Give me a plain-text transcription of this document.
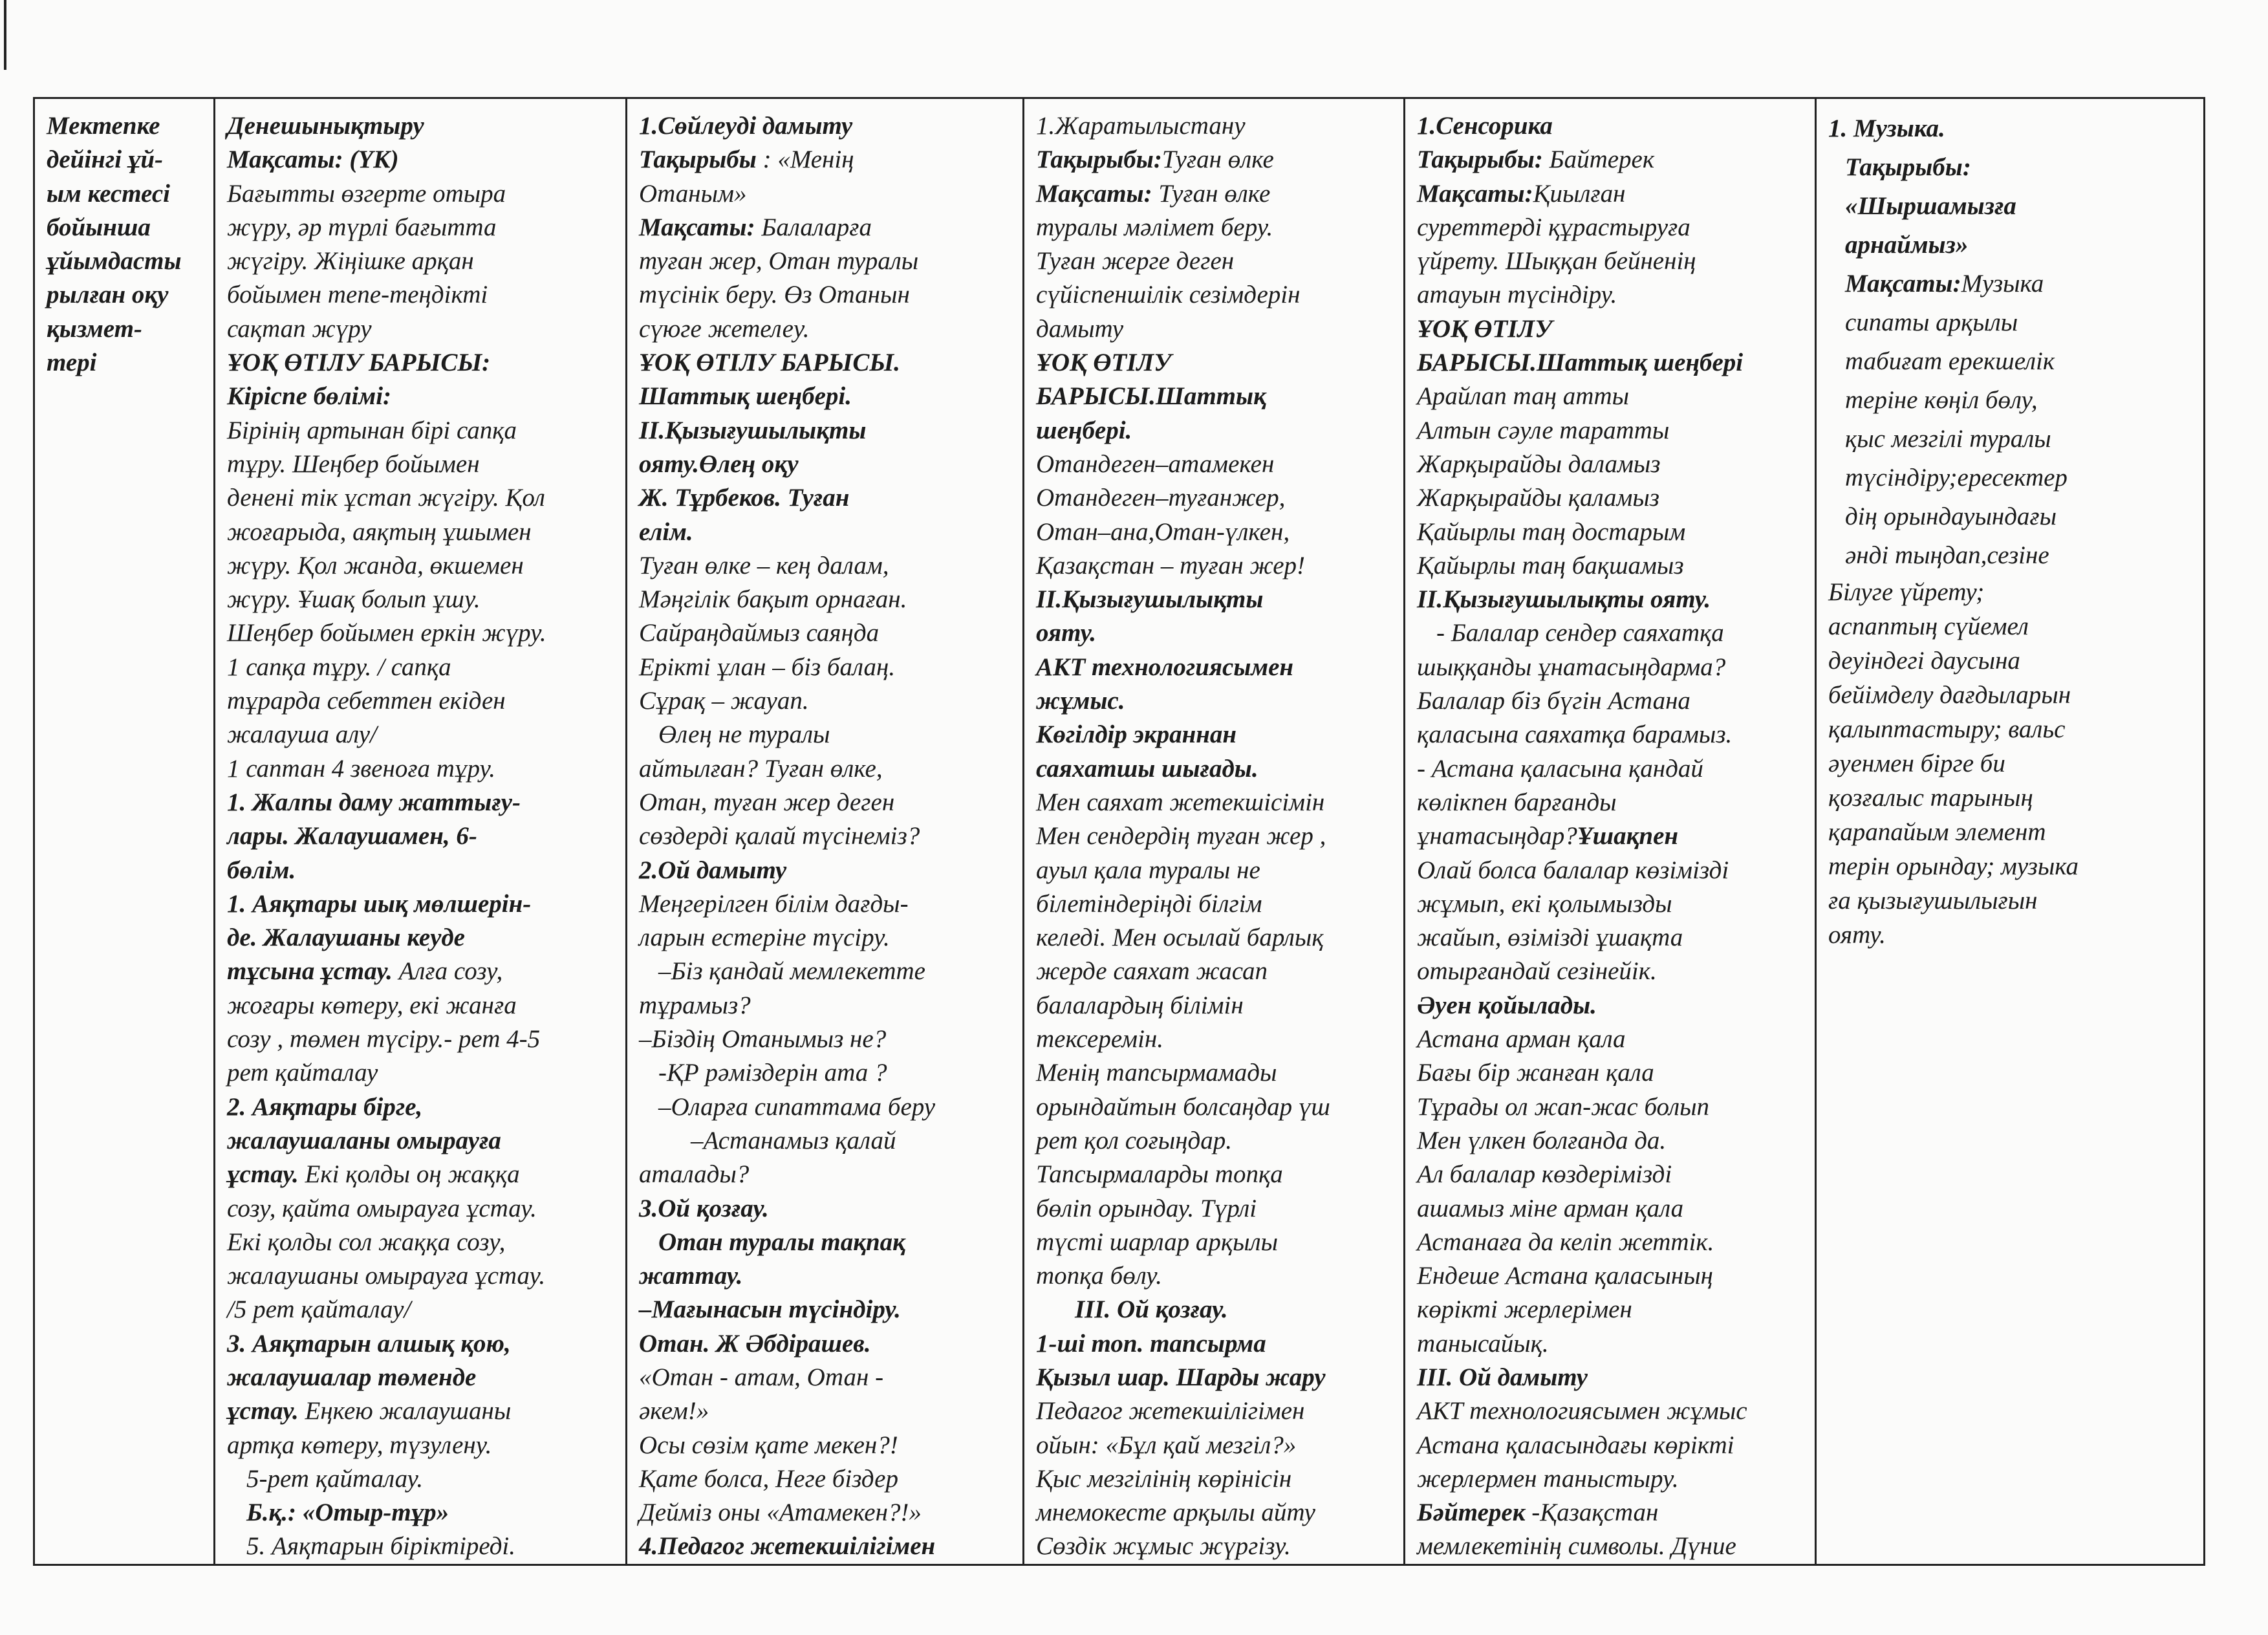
Мектепке
дейінгі ұй-
ым кестесі
бойынша
ұйымдасты
рылған оқу
қызмет-
тері

Денешынықтыру
Мақсаты: (ҮК)
Бағытты өзгерте отыра
жүру, әр түрлі бағытта
жүгіру. Жіңішке арқан
бойымен тепе-теңдікті
сақтап жүру
ҰОҚ ӨТІЛУ БАРЫСЫ:
Кіріспе бөлімі:
Бірінің артынан бірі сапқа
тұру. Шеңбер бойымен
денені тік ұстап жүгіру. Қол
жоғарыда, аяқтың ұшымен
жүру. Қол жанда, өкшемен
жүру. Ұшақ болып ұшу.
Шеңбер бойымен еркін жүру.
1 сапқа тұру. / сапқа
тұрарда себеттен екіден
жалауша алу/
1 саптан 4 звеноға тұру.
1. Жалпы даму жаттығу-
лары. Жалаушамен, 6-
бөлім.
1. Аяқтары иық мөлшерін-
де. Жалаушаны кеуде
тұсына ұстау. Алға созу,
жоғары көтеру, екі жанға
созу , төмен түсіру.- рет 4-5
рет қайталау
2. Аяқтары бірге,
жалаушаланы омырауға
ұстау. Екі қолды оң жаққа
созу, қайта омырауға ұстау.
Екі қолды сол жаққа созу,
жалаушаны омырауға ұстау.
/5 рет қайталау/
3. Аяқтарын алшық қою,
жалаушалар төменде
ұстау. Еңкею жалаушаны
артқа көтеру, түзулену.
5-рет қайталау.
Б.қ.: «Отыр-тұр»
5. Аяқтарын біріктіреді.

1.Сөйлеуді дамыту
Тақырыбы : «Менің
Отаным»
Мақсаты: Балаларға
туған жер, Отан туралы
түсінік беру. Өз Отанын
сүюге жетелеу.
ҰОҚ ӨТІЛУ БАРЫСЫ.
Шаттық шеңбері.
ІІ.Қызығушылықты
ояту.Өлең оқу
Ж. Тұрбеков. Туған
елім.
Туған өлке – кең далам,
Мәңгілік бақыт орнаған.
Сайраңдаймыз саяңда
Ерікті ұлан – біз балаң.
Сұрақ – жауап.
Өлең не туралы
айтылған? Туған өлке,
Отан, туған жер деген
сөздерді қалай түсінеміз?
2.Ой дамыту
Меңгерілген білім дағды-
ларын естеріне түсіру.
–Біз қандай мемлекетте
тұрамыз?
–Біздің Отанымыз не?
-ҚР рәміздерін ата ?
–Оларға сипаттама беру
–Астанамыз қалай
аталады?
3.Ой қозғау.
Отан туралы тақпақ
жаттау.
–Мағынасын түсіндіру.
Отан. Ж Әбдірашев.
«Отан - атам, Отан -
әкем!»
Осы сөзім қате мекен?!
Қате болса, Неге біздер
Дейміз оны «Атамекен?!»
4.Педагог жетекшілігімен

1.Жаратылыстану
Тақырыбы:Туған өлке
Мақсаты: Туған өлке
туралы мәлімет беру.
Туған жерге деген
сүйіспеншілік сезімдерін
дамыту
ҰОҚ ӨТІЛУ
БАРЫСЫ.Шаттық
шеңбері.
Отандеген–атамекен
Отандеген–туғанжер,
Отан–ана,Отан-үлкен,
Қазақстан – туған жер!
ІІ.Қызығушылықты
ояту.
АКТ технологиясымен
жұмыс.
Көгілдір экраннан
саяхатшы шығады.
Мен саяхат жетекшісімін
Мен сендердің туған жер ,
ауыл қала туралы не
білетіндеріңді білгім
келеді. Мен осылай барлық
жерде саяхат жасап
балалардың білімін
тексеремін.
Менің тапсырмамады
орындайтын болсаңдар үш
рет қол соғыңдар.
Тапсырмаларды топқа
бөліп орындау. Түрлі
түсті шарлар арқылы
топқа бөлу.
ІІІ. Ой қозғау.
1-ші топ. тапсырма
Қызыл шар. Шарды жару
Педагог жетекшілігімен
ойын: «Бұл қай мезгіл?»
Қыс мезгілінің көрінісін
мнемокесте арқылы айту
Сөздік жұмыс жүргізу.

1.Сенсорика
Тақырыбы: Байтерек
Мақсаты:Қиылған
суреттерді құрастыруға
үйрету. Шыққан бейненің
атауын түсіндіру.
ҰОҚ ӨТІЛУ
БАРЫСЫ.Шаттық шеңбері
Арайлап таң атты
Алтын сәуле таратты
Жарқырайды даламыз
Жарқырайды қаламыз
Қайырлы таң достарым
Қайырлы таң бақшамыз
ІІ.Қызығушылықты ояту.
- Балалар сендер саяхатқа
шыққанды ұнатасыңдарма?
Балалар біз бүгін Астана
қаласына саяхатқа барамыз.
- Астана қаласына қандай
көлікпен барғанды
ұнатасыңдар?Ұшақпен
Олай болса балалар көзімізді
жұмып, екі қолымызды
жайып, өзімізді ұшақта
отырғандай сезінейік.
Әуен қойылады.
Астана арман қала
Бағы бір жанған қала
Тұрады ол жап-жас болып
Мен үлкен болғанда да.
Ал балалар көздерімізді
ашамыз міне арман қала
Астанаға да келіп жеттік.
Ендеше Астана қаласының
көрікті жерлерімен
танысайық.
ІІІ. Ой дамыту
АКТ технологиясымен жұмыс
Астана қаласындағы көрікті
жерлермен таныстыру.
Бәйтерек -Қазақстан
мемлекетінің символы. Дүние

1. Музыка.
Тақырыбы:
«Шыршамызға
арнаймыз»
Мақсаты:Музыка
сипаты арқылы
табиғат ерекшелік
теріне көңіл бөлу,
қыс мезгілі туралы
түсіндіру;ересектер
дің орындауындағы
әнді тыңдап,сезіне
Білуге үйрету;
аспаптың сүйемел
деуіндегі даусына
бейімделу дағдыларын
қалыптастыру; вальс
әуенмен бірге би
қозғалыс тарының
қарапайым элемент
терін орындау; музыка
ға қызығушылығын
ояту.
